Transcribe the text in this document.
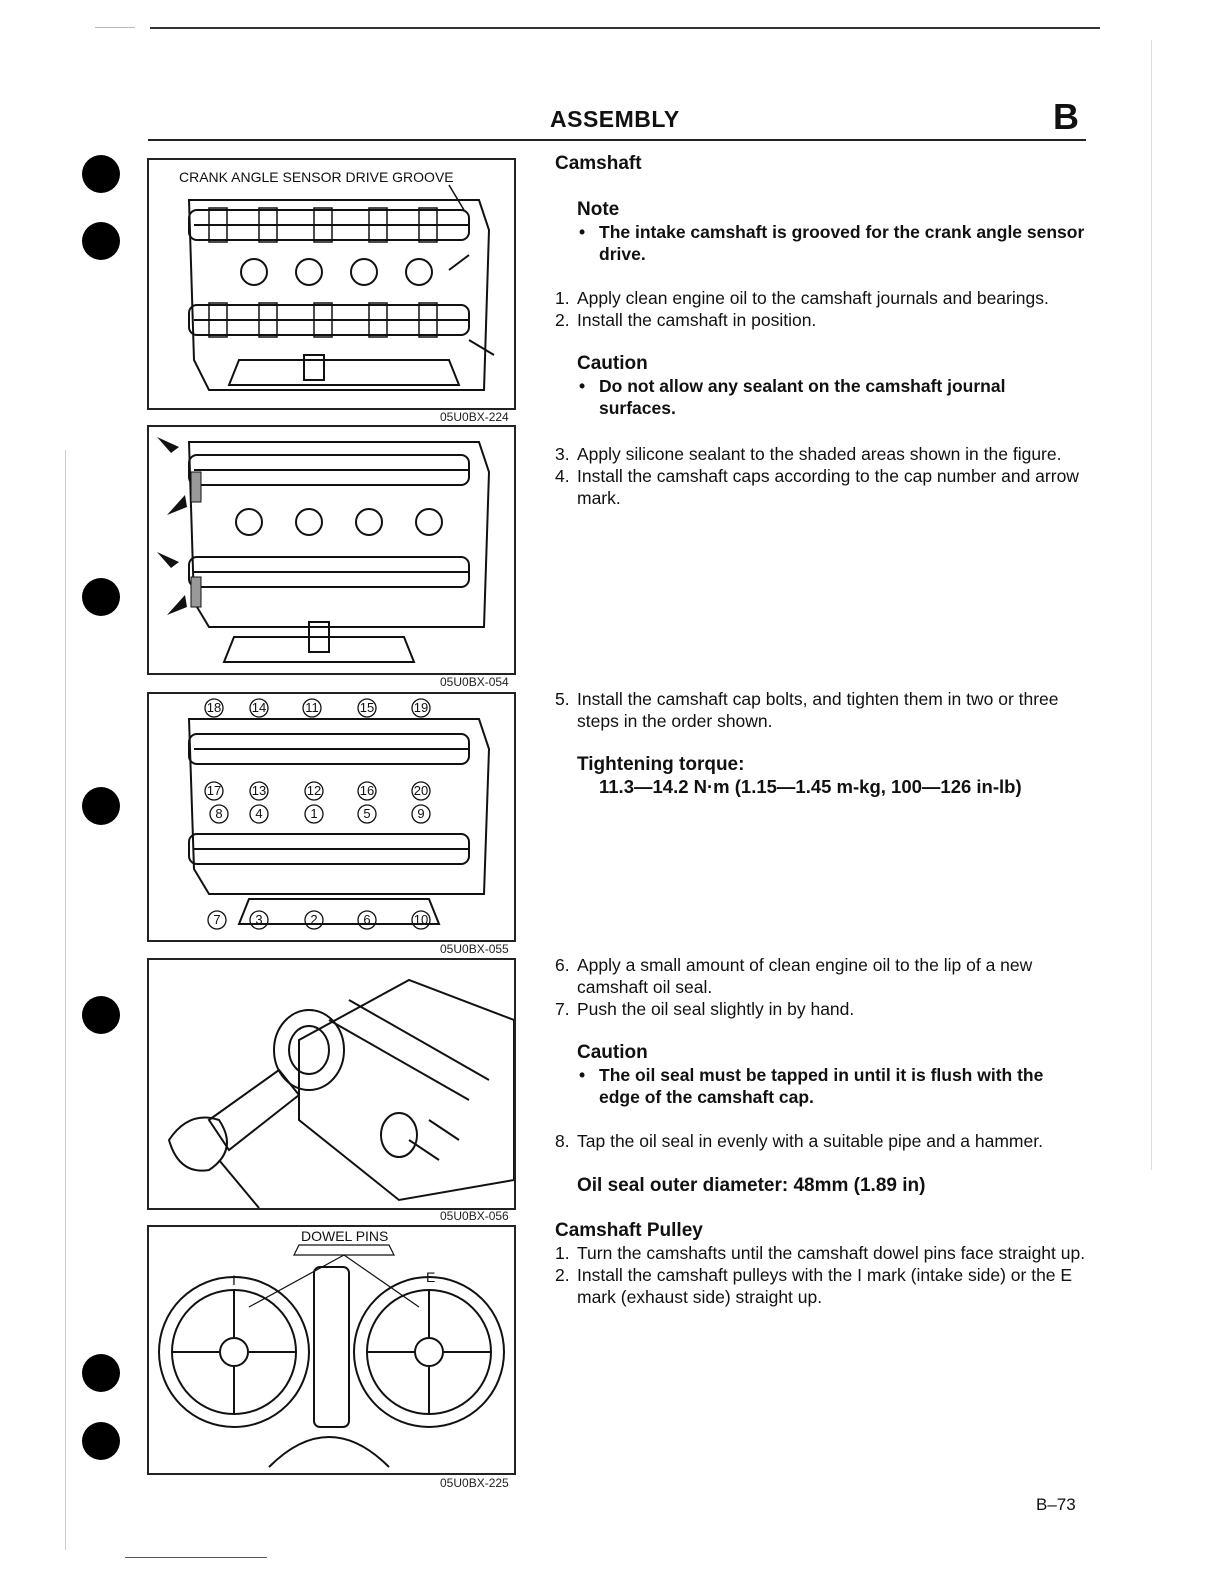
ASSEMBLY	B
CRANK ANGLE SENSOR DRIVE GROOVE
05U0BX-224
05U0BX-054
18 14	11	15	19
17 13	12	16	20
8	4	1	5	9
7	3	2	6	10
05U0BX-055
05U0BX-056
DOWEL PINS
I	E
05U0BX-225
Camshaft
Note
• The intake camshaft is grooved for the crank angle sensor drive.
1. Apply clean engine oil to the camshaft journals and bearings.
2. Install the camshaft in position.
Caution
• Do not allow any sealant on the camshaft journal surfaces.
3. Apply silicone sealant to the shaded areas shown in the figure.
4. Install the camshaft caps according to the cap number and arrow mark.
5. Install the camshaft cap bolts, and tighten them in two or three steps in the order shown.
Tightening torque:
11.3—14.2 N·m (1.15—1.45 m-kg, 100—126 in-lb)
6. Apply a small amount of clean engine oil to the lip of a new camshaft oil seal.
7. Push the oil seal slightly in by hand.
Caution
• The oil seal must be tapped in until it is flush with the edge of the camshaft cap.
8. Tap the oil seal in evenly with a suitable pipe and a hammer.
Oil seal outer diameter: 48mm (1.89 in)
Camshaft Pulley
1. Turn the camshafts until the camshaft dowel pins face straight up.
2. Install the camshaft pulleys with the I mark (intake side) or the E mark (exhaust side) straight up.
B–73
